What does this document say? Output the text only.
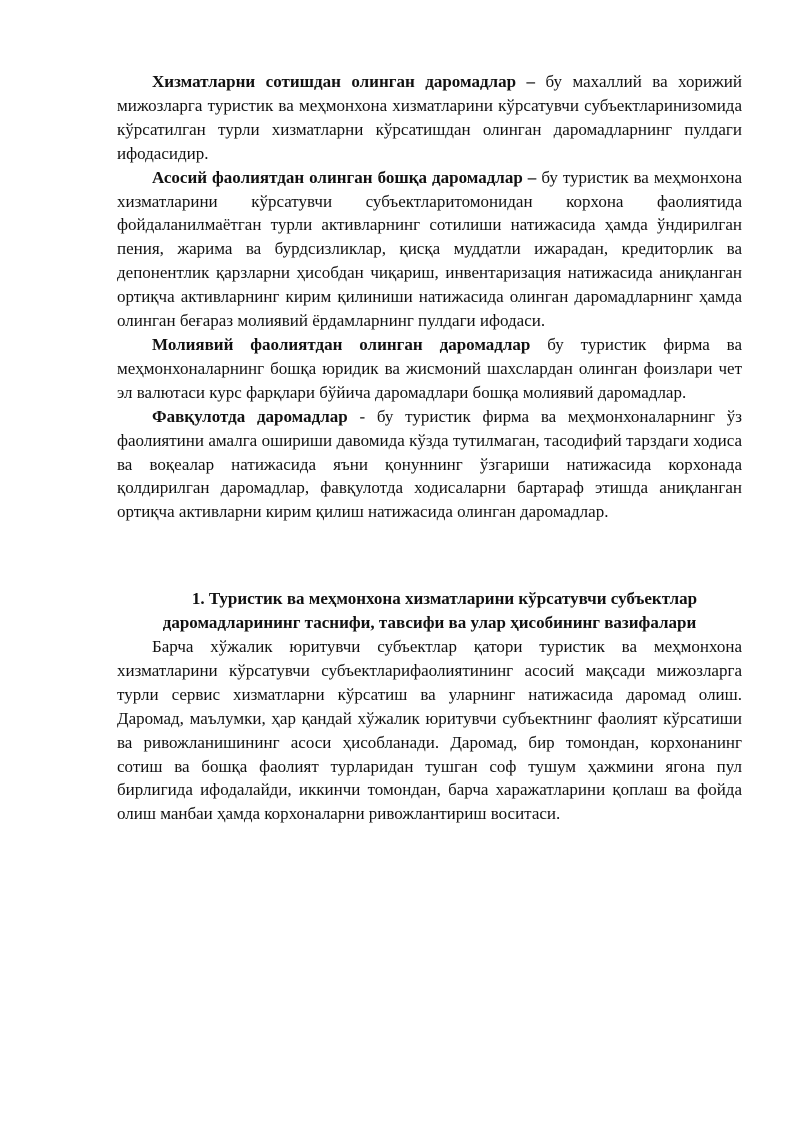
Хизматларни сотишдан олинган даромадлар – бу махаллий ва хорижий мижозларга туристик ва меҳмонхона хизматларини кўрсатувчи субъектларинизомида кўрсатилган турли хизматларни кўрсатишдан олинган даромадларнинг пулдаги ифодасидир.

Асосий фаолиятдан олинган бошқа даромадлар – бу туристик ва меҳмонхона хизматларини кўрсатувчи субъектларитомонидан корхона фаолиятида фойдаланилмаётган турли активларнинг сотилиши натижасида ҳамда ўндирилган пения, жарима ва бурдсизликлар, қисқа муддатли ижарадан, кредиторлик ва депонентлик қарзларни ҳисобдан чиқариш, инвентаризация натижасида аниқланган ортиқча активларнинг кирим қилиниши натижасида олинган даромадларнинг ҳамда олинган беғараз молиявий ёрдамларнинг пулдаги ифодаси.

Молиявий фаолиятдан олинган даромадлар бу туристик фирма ва меҳмонхоналарнинг бошқа юридик ва жисмоний шахслардан олинган фоизлари чет эл валютаси курс фарқлари бўйича даромадлари бошқа молиявий даромадлар.

Фавқулотда даромадлар - бу туристик фирма ва меҳмонхоналарнинг ўз фаолиятини амалга ошириши давомида кўзда тутилмаган, тасодифий тарздаги ходиса ва воқеалар натижасида яъни қонуннинг ўзгариши натижасида корхонада қолдирилган даромадлар, фавқулотда ходисаларни бартараф этишда аниқланган ортиқча активларни кирим қилиш натижасида олинган даромадлар.

1. Туристик ва меҳмонхона хизматларини кўрсатувчи субъектлар
даромадларининг таснифи, тавсифи ва улар ҳисобининг вазифалари

Барча хўжалик юритувчи субъектлар қатори туристик ва меҳмонхона хизматларини кўрсатувчи субъектларифаолиятининг асосий мақсади мижозларга турли сервис хизматларни кўрсатиш ва уларнинг натижасида даромад олиш. Даромад, маълумки, ҳар қандай хўжалик юритувчи субъектнинг фаолият кўрсатиши ва ривожланишининг асоси ҳисобланади. Даромад, бир томондан, корхонанинг сотиш ва бошқа фаолият турларидан тушган соф тушум ҳажмини ягона пул бирлигида ифодалайди, иккинчи томондан, барча харажатларини қоплаш ва фойда олиш манбаи ҳамда корхоналарни ривожлантириш воситаси.
